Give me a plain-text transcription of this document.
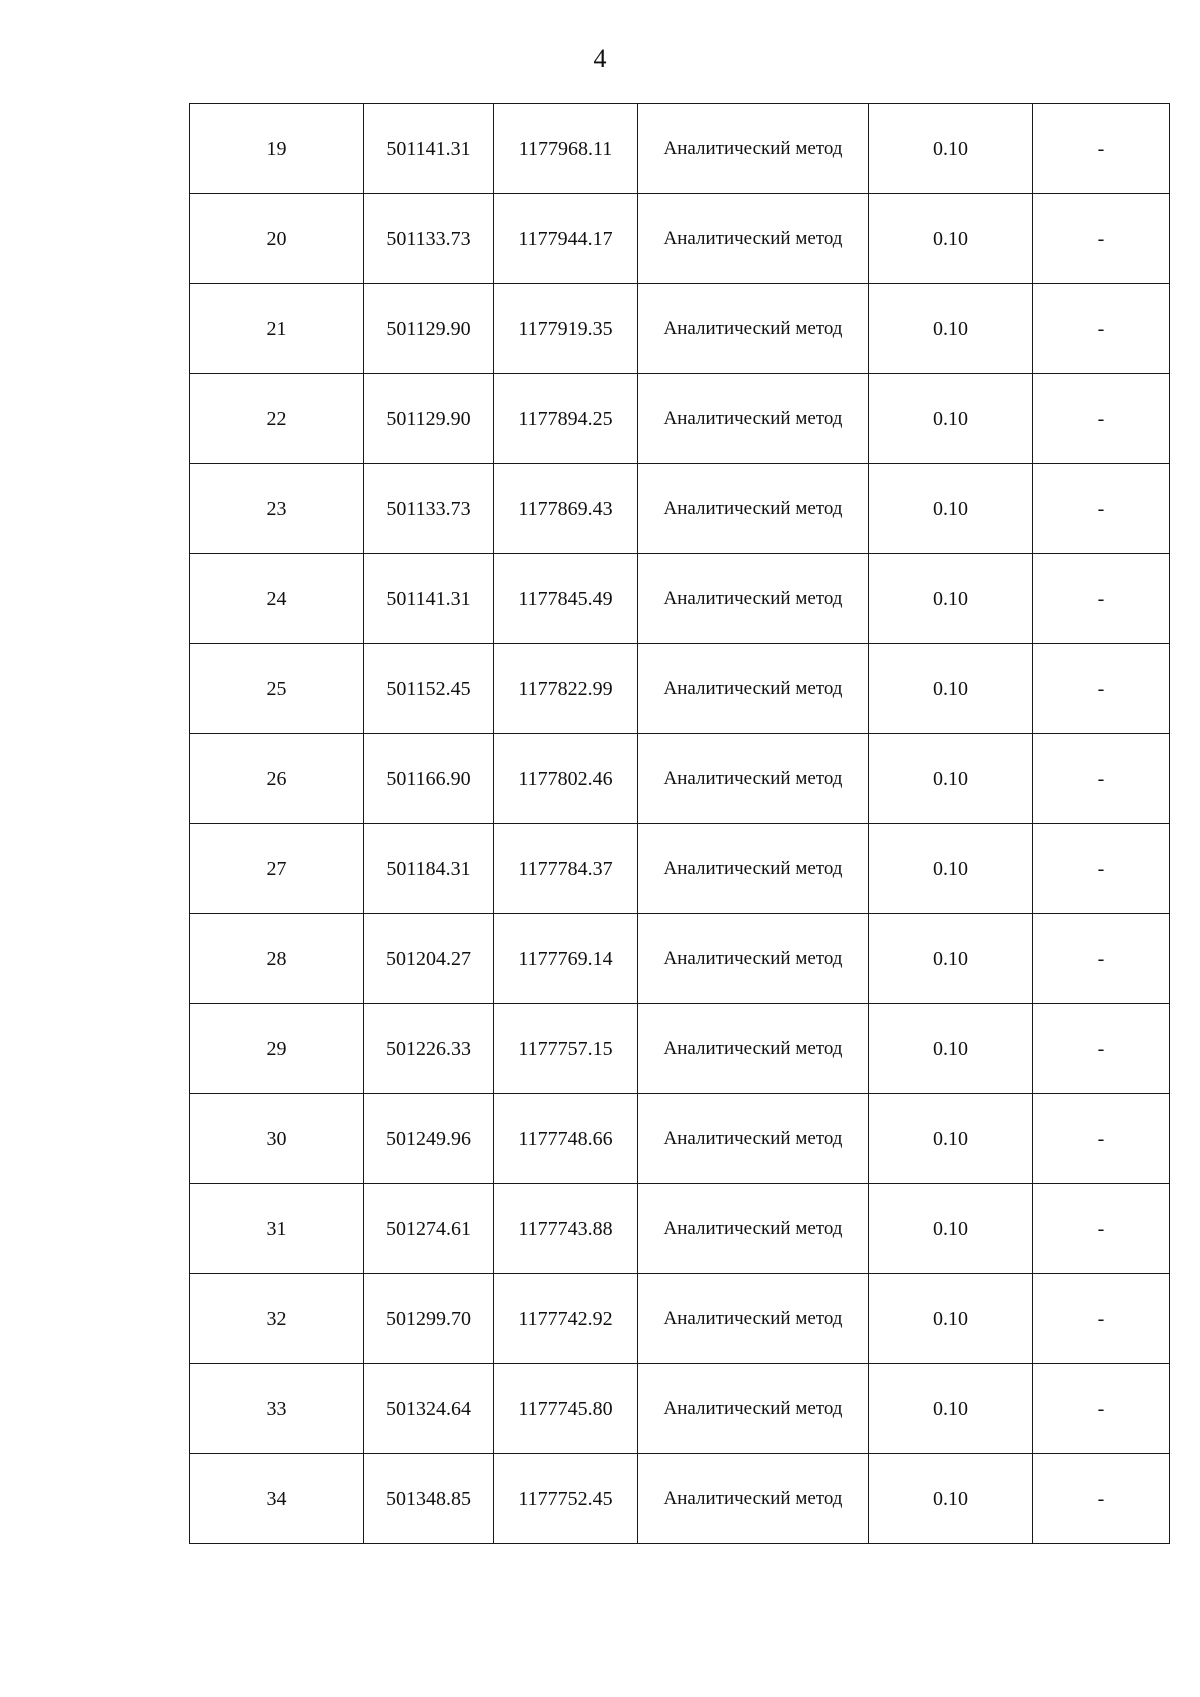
4
19	501141.31	1177968.11	Аналитический метод	0.10	-
20	501133.73	1177944.17	Аналитический метод	0.10	-
21	501129.90	1177919.35	Аналитический метод	0.10	-
22	501129.90	1177894.25	Аналитический метод	0.10	-
23	501133.73	1177869.43	Аналитический метод	0.10	-
24	501141.31	1177845.49	Аналитический метод	0.10	-
25	501152.45	1177822.99	Аналитический метод	0.10	-
26	501166.90	1177802.46	Аналитический метод	0.10	-
27	501184.31	1177784.37	Аналитический метод	0.10	-
28	501204.27	1177769.14	Аналитический метод	0.10	-
29	501226.33	1177757.15	Аналитический метод	0.10	-
30	501249.96	1177748.66	Аналитический метод	0.10	-
31	501274.61	1177743.88	Аналитический метод	0.10	-
32	501299.70	1177742.92	Аналитический метод	0.10	-
33	501324.64	1177745.80	Аналитический метод	0.10	-
34	501348.85	1177752.45	Аналитический метод	0.10	-
